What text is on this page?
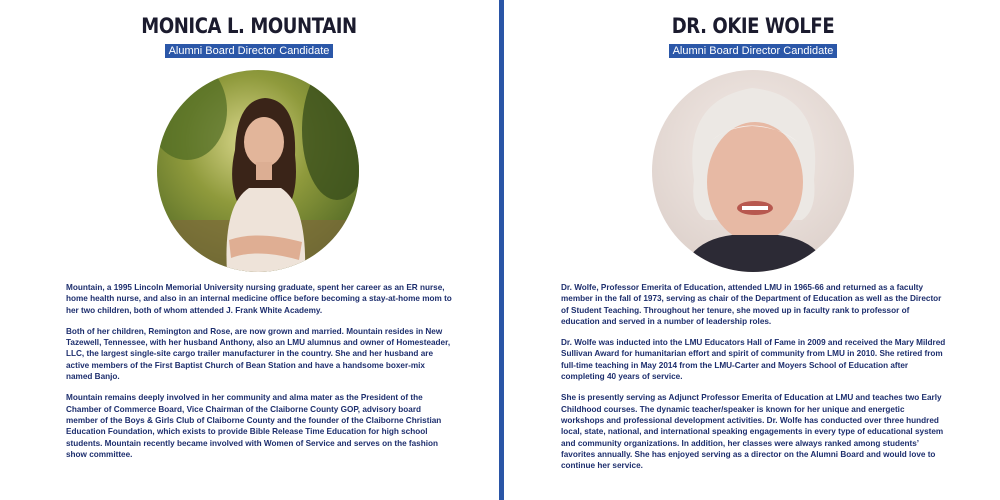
MONICA L. MOUNTAIN
Alumni Board Director Candidate

Mountain, a 1995 Lincoln Memorial University nursing graduate, spent her career as an ER nurse, home health nurse, and also in an internal medicine office before becoming a stay-at-home mom to her two children, both of whom attended J. Frank White Academy.

Both of her children, Remington and Rose, are now grown and married. Mountain resides in New Tazewell, Tennessee, with her husband Anthony, also an LMU alumnus and owner of Homesteader, LLC, the largest single-site cargo trailer manufacturer in the country. She and her husband are active members of the First Baptist Church of Bean Station and have a handsome boxer-mix named Banjo.

Mountain remains deeply involved in her community and alma mater as the President of the Chamber of Commerce Board, Vice Chairman of the Claiborne County GOP, advisory board member of the Boys & Girls Club of Claiborne County and the founder of the Claiborne Christian Education Foundation, which exists to provide Bible Release Time Education for high school students. Mountain recently became involved with Women of Service and serves on the fashion show committee.

DR. OKIE WOLFE
Alumni Board Director Candidate

Dr. Wolfe, Professor Emerita of Education, attended LMU in 1965-66 and returned as a faculty member in the fall of 1973, serving as chair of the Department of Education as well as the Director of Student Teaching. Throughout her tenure, she moved up in faculty rank to professor of education and served in a number of leadership roles.

Dr. Wolfe was inducted into the LMU Educators Hall of Fame in 2009 and received the Mary Mildred Sullivan Award for humanitarian effort and spirit of community from LMU in 2010. She retired from full-time teaching in May 2014 from the LMU-Carter and Moyers School of Education after completing 40 years of service.

She is presently serving as Adjunct Professor Emerita of Education at LMU and teaches two Early Childhood courses. The dynamic teacher/speaker is known for her unique and energetic workshops and professional development activities. Dr. Wolfe has conducted over three hundred local, state, national, and international speaking engagements in every type of educational system and community organizations. In addition, her classes were always ranked among students’ favorites annually. She has enjoyed serving as a director on the Alumni Board and would love to continue her service.
